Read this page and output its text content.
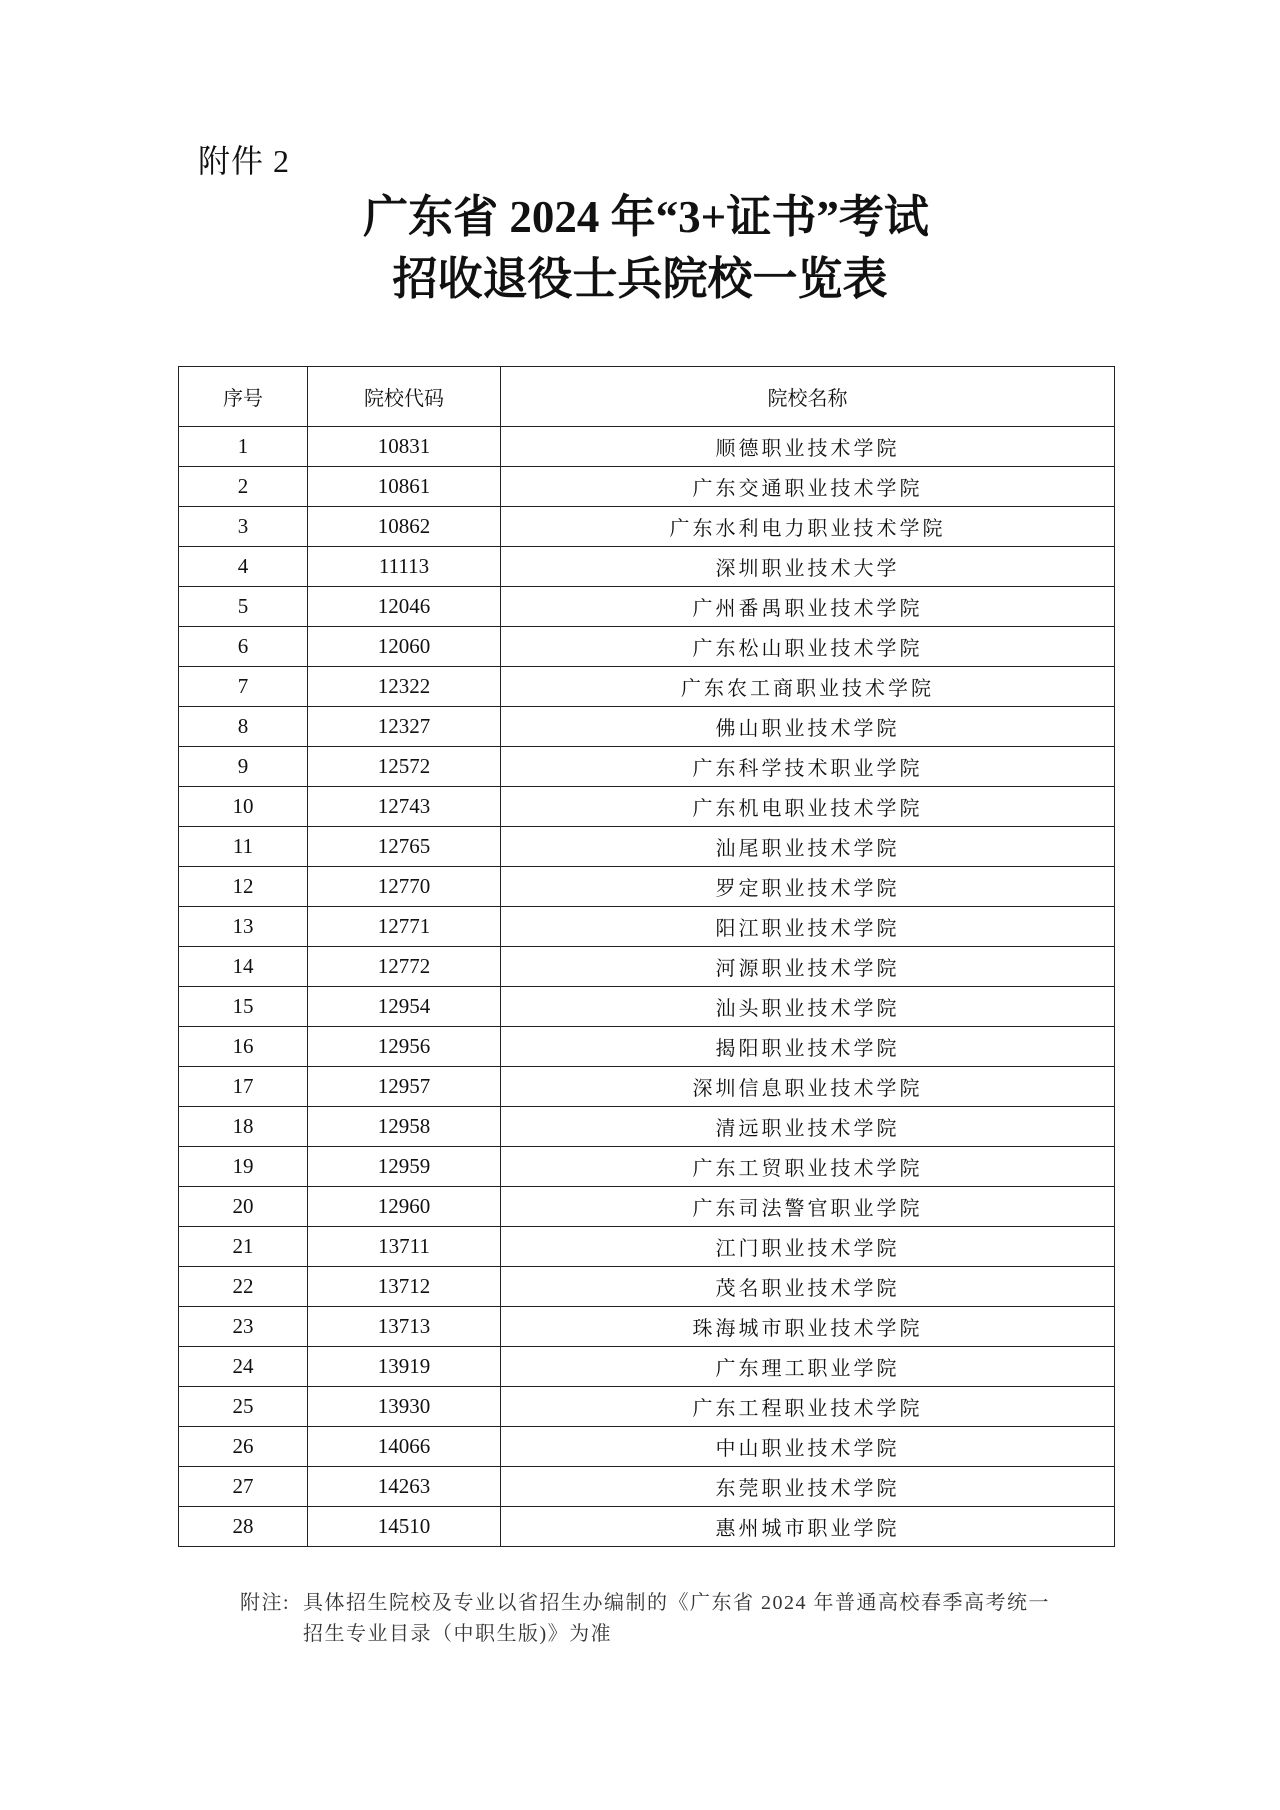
附件 2
广东省 2024 年“3+证书”考试
招收退役士兵院校一览表
序号	院校代码	院校名称
1	10831	顺德职业技术学院
2	10861	广东交通职业技术学院
3	10862	广东水利电力职业技术学院
4	11113	深圳职业技术大学
5	12046	广州番禺职业技术学院
6	12060	广东松山职业技术学院
7	12322	广东农工商职业技术学院
8	12327	佛山职业技术学院
9	12572	广东科学技术职业学院
10	12743	广东机电职业技术学院
11	12765	汕尾职业技术学院
12	12770	罗定职业技术学院
13	12771	阳江职业技术学院
14	12772	河源职业技术学院
15	12954	汕头职业技术学院
16	12956	揭阳职业技术学院
17	12957	深圳信息职业技术学院
18	12958	清远职业技术学院
19	12959	广东工贸职业技术学院
20	12960	广东司法警官职业学院
21	13711	江门职业技术学院
22	13712	茂名职业技术学院
23	13713	珠海城市职业技术学院
24	13919	广东理工职业学院
25	13930	广东工程职业技术学院
26	14066	中山职业技术学院
27	14263	东莞职业技术学院
28	14510	惠州城市职业学院
附注: 具体招生院校及专业以省招生办编制的《广东省 2024 年普通高校春季高考统一
招生专业目录（中职生版)》为准
